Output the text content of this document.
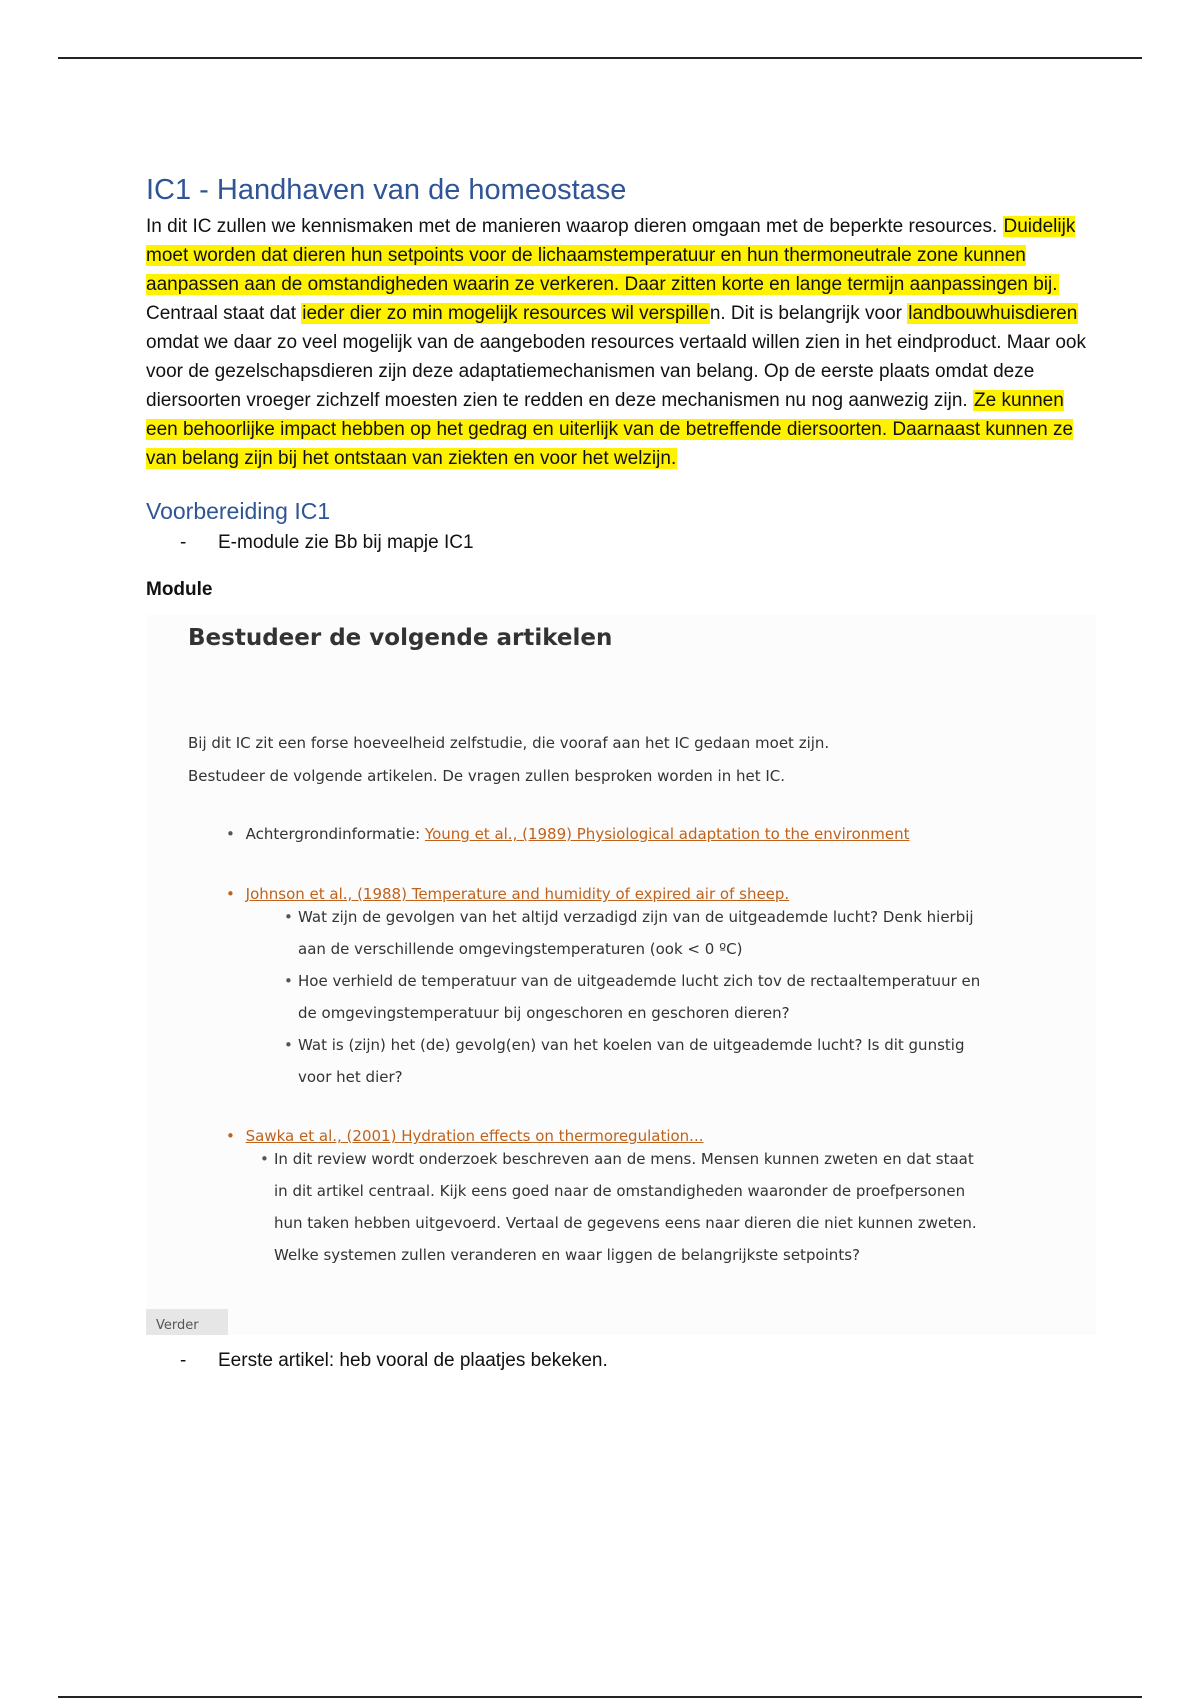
IC1 - Handhaven van de homeostase

In dit IC zullen we kennismaken met de manieren waarop dieren omgaan met de beperkte resources. Duidelijk moet worden dat dieren hun setpoints voor de lichaamstemperatuur en hun thermoneutrale zone kunnen aanpassen aan de omstandigheden waarin ze verkeren. Daar zitten korte en lange termijn aanpassingen bij. Centraal staat dat ieder dier zo min mogelijk resources wil verspillen. Dit is belangrijk voor landbouwhuisdieren omdat we daar zo veel mogelijk van de aangeboden resources vertaald willen zien in het eindproduct. Maar ook voor de gezelschapsdieren zijn deze adaptatiemechanismen van belang. Op de eerste plaats omdat deze diersoorten vroeger zichzelf moesten zien te redden en deze mechanismen nu nog aanwezig zijn. Ze kunnen een behoorlijke impact hebben op het gedrag en uiterlijk van de betreffende diersoorten. Daarnaast kunnen ze van belang zijn bij het ontstaan van ziekten en voor het welzijn.

Voorbereiding IC1
- E-module zie Bb bij mapje IC1

Module

Bestudeer de volgende artikelen
Bij dit IC zit een forse hoeveelheid zelfstudie, die vooraf aan het IC gedaan moet zijn.
Bestudeer de volgende artikelen. De vragen zullen besproken worden in het IC.
• Achtergrondinformatie: Young et al., (1989) Physiological adaptation to the environment
• Johnson et al., (1988) Temperature and humidity of expired air of sheep.
• Wat zijn de gevolgen van het altijd verzadigd zijn van de uitgeademde lucht? Denk hierbij
aan de verschillende omgevingstemperaturen (ook < 0 ºC)
• Hoe verhield de temperatuur van de uitgeademde lucht zich tov de rectaaltemperatuur en
de omgevingstemperatuur bij ongeschoren en geschoren dieren?
• Wat is (zijn) het (de) gevolg(en) van het koelen van de uitgeademde lucht? Is dit gunstig
voor het dier?
• Sawka et al., (2001) Hydration effects on thermoregulation...
• In dit review wordt onderzoek beschreven aan de mens. Mensen kunnen zweten en dat staat
in dit artikel centraal. Kijk eens goed naar de omstandigheden waaronder de proefpersonen
hun taken hebben uitgevoerd. Vertaal de gegevens eens naar dieren die niet kunnen zweten.
Welke systemen zullen veranderen en waar liggen de belangrijkste setpoints?
Verder
- Eerste artikel: heb vooral de plaatjes bekeken.
